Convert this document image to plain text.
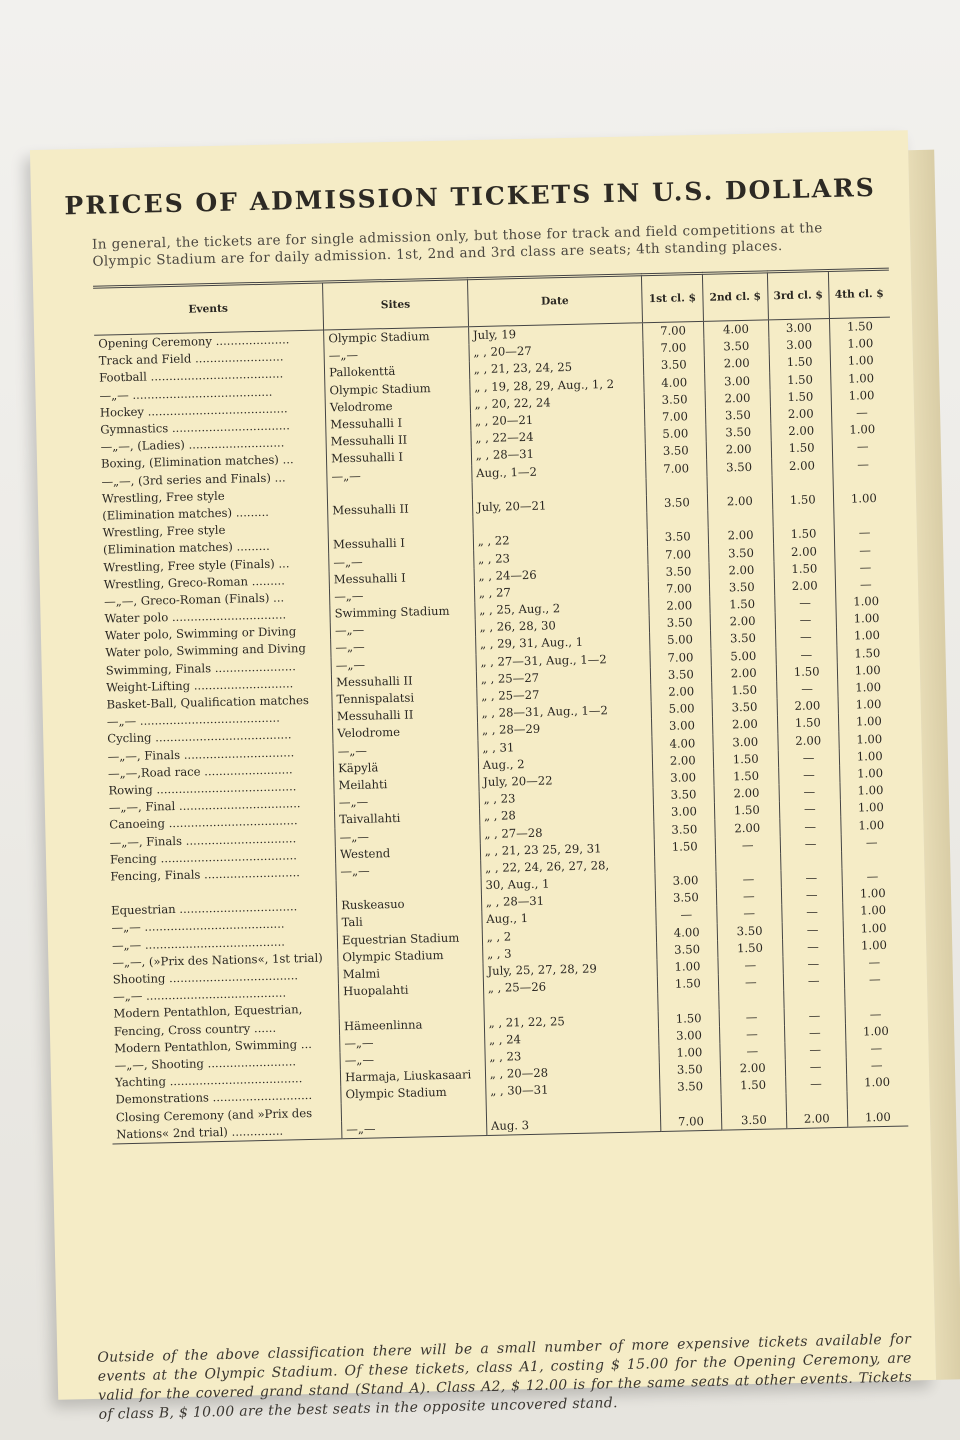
PRICES OF ADMISSION TICKETS IN U.S. DOLLARS
In general, the tickets are for single admission only, but those for track and field competitions at the Olympic Stadium are for daily admission. 1st, 2nd and 3rd class are seats; 4th standing places.
Events	Sites	Date	1st cl. $	2nd cl. $	3rd cl. $	4th cl. $
Opening Ceremony ....................	Olympic Stadium	July, 19	7.00	4.00	3.00	1.50
Track and Field ........................	—„—	„ , 20—27	7.00	3.50	3.00	1.00
Football ....................................	Pallokenttä	„ , 21, 23, 24, 25	3.50	2.00	1.50	1.00
—„— ......................................	Olympic Stadium	„ , 19, 28, 29, Aug., 1, 2	4.00	3.00	1.50	1.00
Hockey ......................................	Velodrome	„ , 20, 22, 24	3.50	2.00	1.50	1.00
Gymnastics ................................	Messuhalli I	„ , 20—21	7.00	3.50	2.00	—
—„—, (Ladies) ..........................	Messuhalli II	„ , 22—24	5.00	3.50	2.00	1.00
Boxing, (Elimination matches) ...	Messuhalli I	„ , 28—31	3.50	2.00	1.50	—
—„—, (3rd series and Finals) ...	—„—	Aug., 1—2	7.00	3.50	2.00	—
Wrestling, Free style						
(Elimination matches) .........	Messuhalli II	July, 20—21	3.50	2.00	1.50	1.00
Wrestling, Free style						
(Elimination matches) .........	Messuhalli I	„ , 22	3.50	2.00	1.50	—
Wrestling, Free style (Finals) ...	—„—	„ , 23	7.00	3.50	2.00	—
Wrestling, Greco-Roman .........	Messuhalli I	„ , 24—26	3.50	2.00	1.50	—
—„—, Greco-Roman (Finals) ...	—„—	„ , 27	7.00	3.50	2.00	—
Water polo ...............................	Swimming Stadium	„ , 25, Aug., 2	2.00	1.50	—	1.00
Water polo, Swimming or Diving	—„—	„ , 26, 28, 30	3.50	2.00	—	1.00
Water polo, Swimming and Diving	—„—	„ , 29, 31, Aug., 1	5.00	3.50	—	1.00
Swimming, Finals ......................	—„—	„ , 27—31, Aug., 1—2	7.00	5.00	—	1.50
Weight-Lifting ...........................	Messuhalli II	„ , 25—27	3.50	2.00	1.50	1.00
Basket-Ball, Qualification matches	Tennispalatsi	„ , 25—27	2.00	1.50	—	1.00
—„— ......................................	Messuhalli II	„ , 28—31, Aug., 1—2	5.00	3.50	2.00	1.00
Cycling .....................................	Velodrome	„ , 28—29	3.00	2.00	1.50	1.00
—„—, Finals ..............................	—„—	„ , 31	4.00	3.00	2.00	1.00
—„—,Road race ........................	Käpylä	Aug., 2	2.00	1.50	—	1.00
Rowing ......................................	Meilahti	July, 20—22	3.00	1.50	—	1.00
—„—, Final .................................	—„—	„ , 23	3.50	2.00	—	1.00
Canoeing ...................................	Taivallahti	„ , 28	3.00	1.50	—	1.00
—„—, Finals ..............................	—„—	„ , 27—28	3.50	2.00	—	1.00
Fencing .....................................	Westend	„ , 21, 23 25, 29, 31	1.50	—	—	—
Fencing, Finals ..........................	—„—	„ , 22, 24, 26, 27, 28,				
		30, Aug., 1	3.00	—	—	—
Equestrian ................................	Ruskeasuo	„ , 28—31	3.50	—	—	1.00
—„— ......................................	Tali	Aug., 1	—	—	—	1.00
—„— ......................................	Equestrian Stadium	„ , 2	4.00	3.50	—	1.00
—„—, (»Prix des Nations«, 1st trial)	Olympic Stadium	„ , 3	3.50	1.50	—	1.00
Shooting ...................................	Malmi	July, 25, 27, 28, 29	1.00	—	—	—
—„— ......................................	Huopalahti	„ , 25—26	1.50	—	—	—
Modern Pentathlon, Equestrian,						
Fencing, Cross country ......	Hämeenlinna	„ , 21, 22, 25	1.50	—	—	—
Modern Pentathlon, Swimming ...	—„—	„ , 24	3.00	—	—	1.00
—„—, Shooting ........................	—„—	„ , 23	1.00	—	—	—
Yachting ....................................	Harmaja, Liuskasaari	„ , 20—28	3.50	2.00	—	—
Demonstrations ...........................	Olympic Stadium	„ , 30—31	3.50	1.50	—	1.00
Closing Ceremony (and »Prix des						
Nations« 2nd trial) ..............	—„—	Aug. 3	7.00	3.50	2.00	1.00
Outside of the above classification there will be a small number of more expensive tickets available for events at the Olympic Stadium. Of these tickets, class A1, costing $ 15.00 for the Opening Ceremony, are valid for the covered grand stand (Stand A). Class A2, $ 12.00 is for the same seats at other events. Tickets of class B, $ 10.00 are the best seats in the opposite uncovered stand.
